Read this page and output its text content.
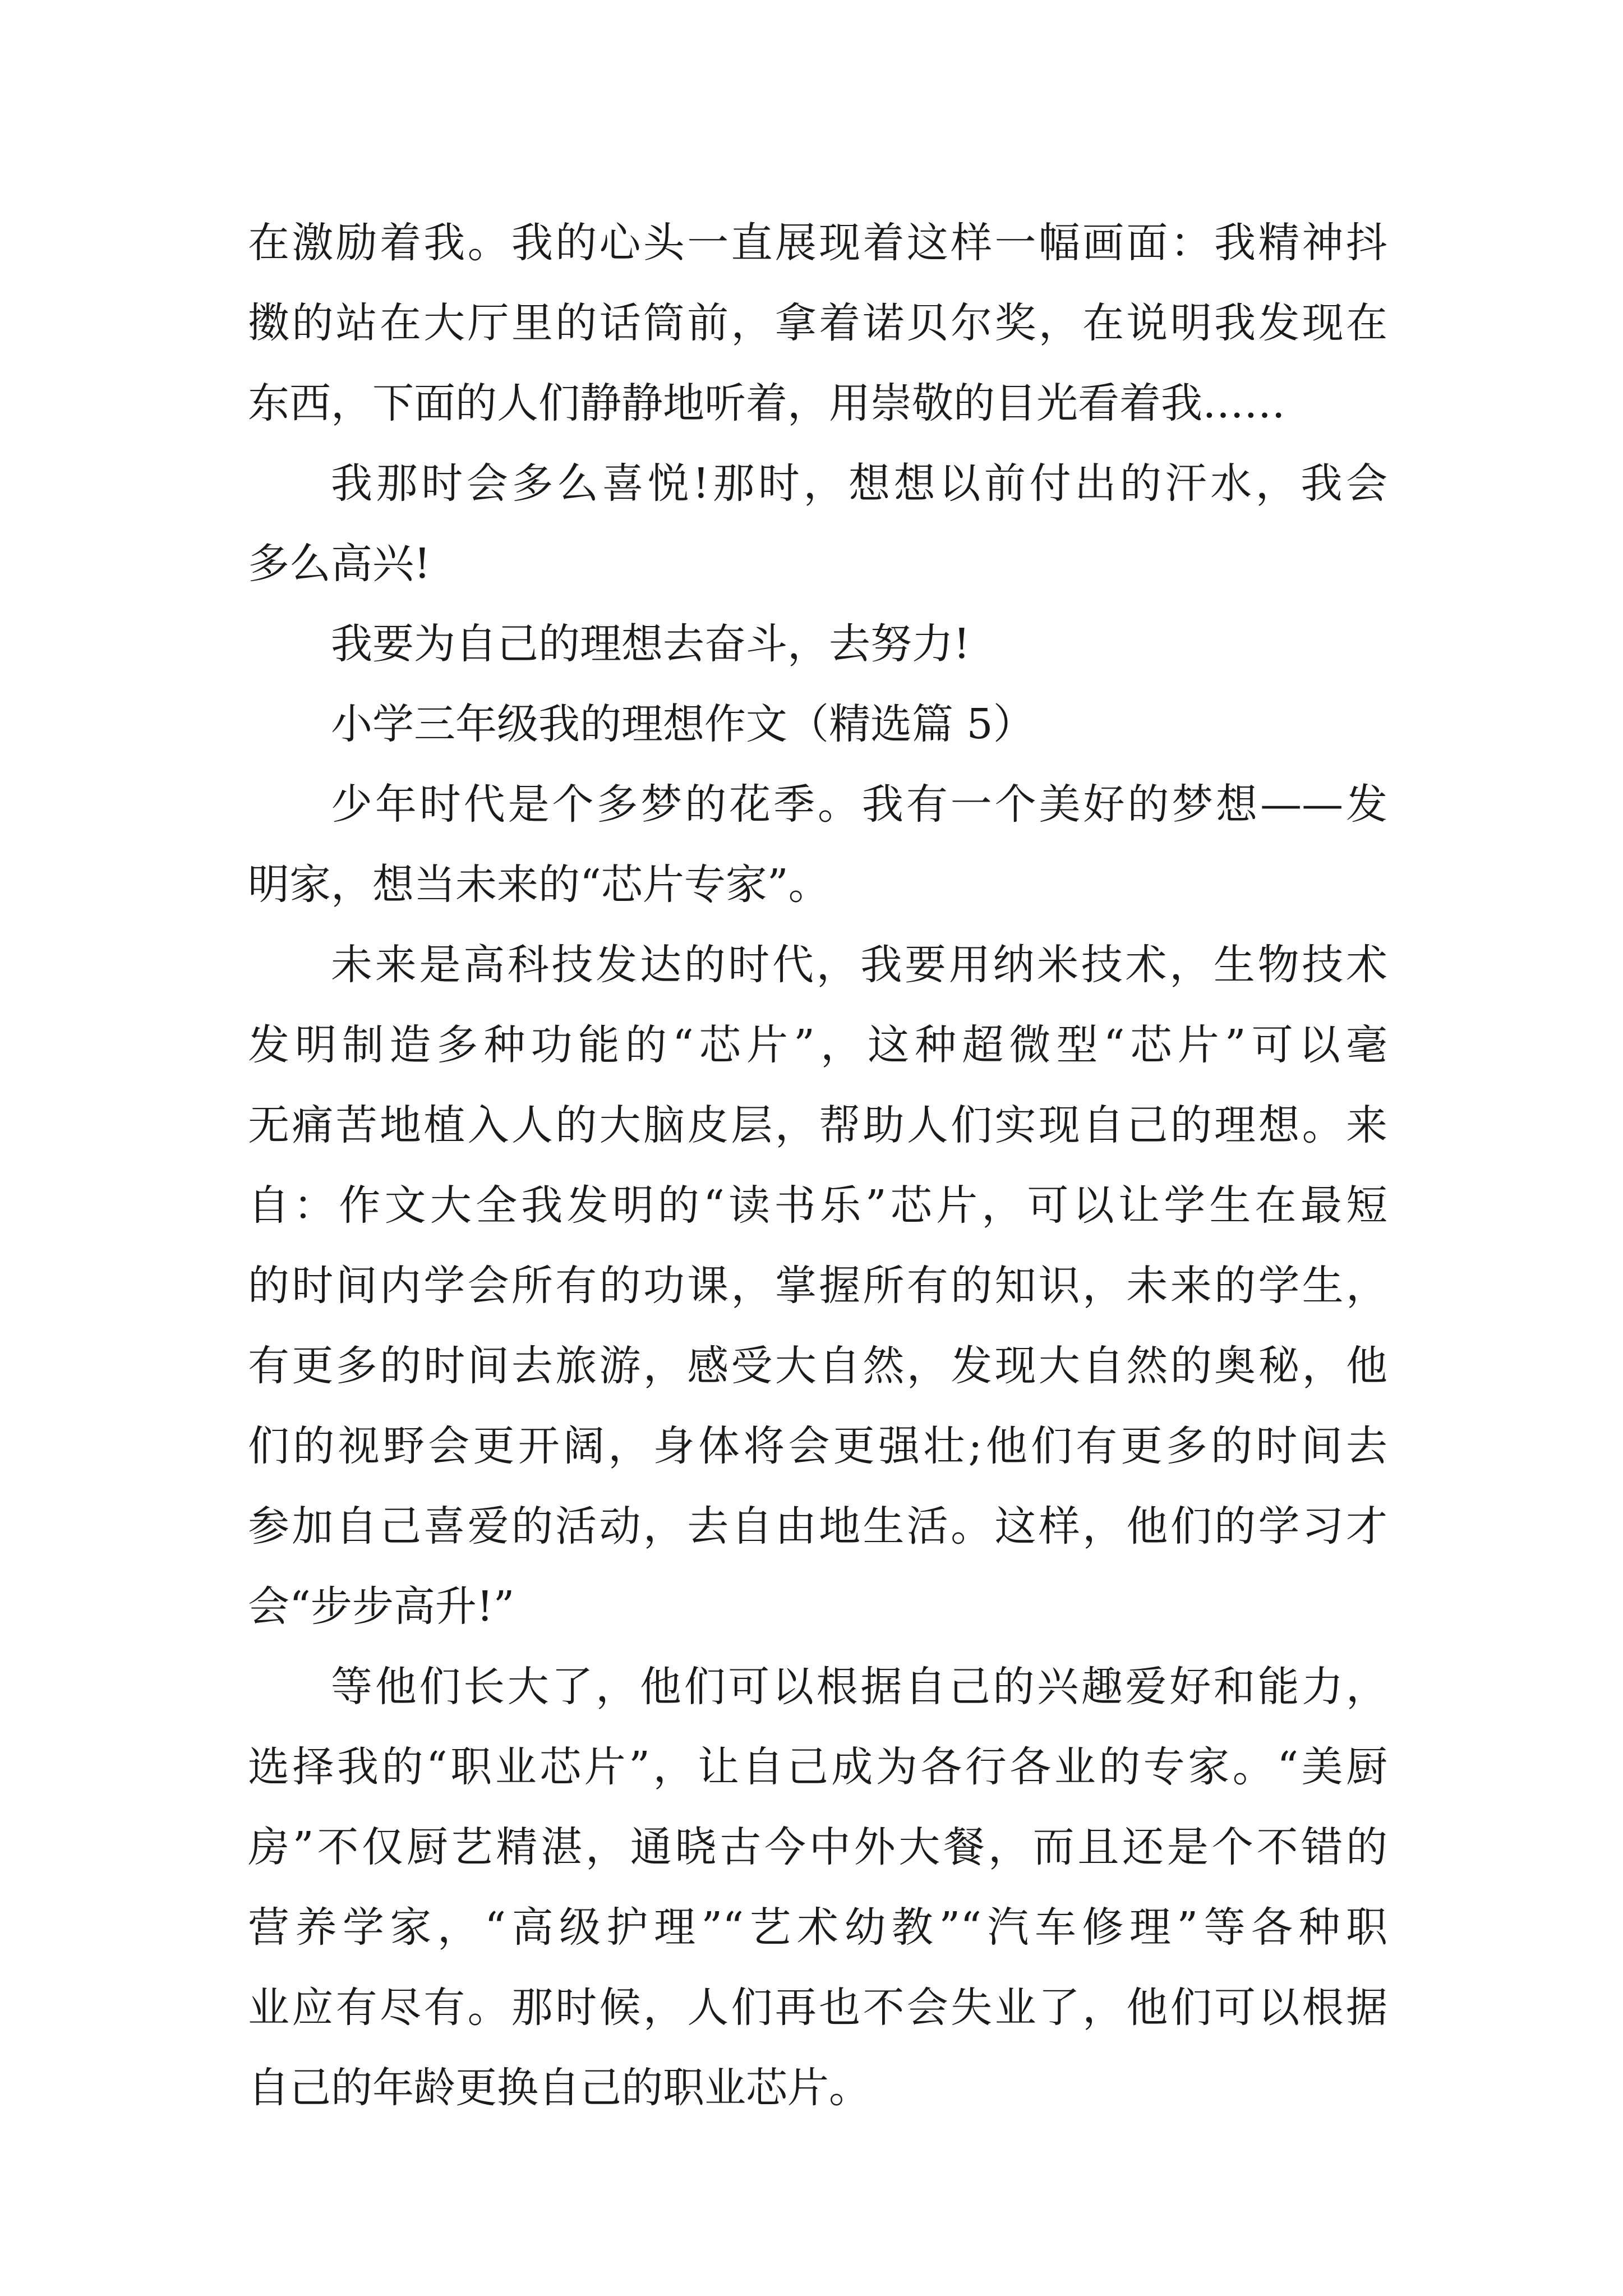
在激励着我。我的心头一直展现着这样一幅画面：我精神抖
擞的站在大厅里的话筒前，拿着诺贝尔奖，在说明我发现在
东西，下面的人们静静地听着，用崇敬的目光看着我……
我那时会多么喜悦!那时，想想以前付出的汗水，我会
多么高兴!
我要为自己的理想去奋斗，去努力!
小学三年级我的理想作文（精选篇 5）
少年时代是个多梦的花季。我有一个美好的梦想——发
明家，想当未来的“芯片专家”。
未来是高科技发达的时代，我要用纳米技术，生物技术
发明制造多种功能的“芯片”，这种超微型“芯片”可以毫
无痛苦地植入人的大脑皮层，帮助人们实现自己的理想。来
自：作文大全我发明的“读书乐”芯片，可以让学生在最短
的时间内学会所有的功课，掌握所有的知识，未来的学生，
有更多的时间去旅游，感受大自然，发现大自然的奥秘，他
们的视野会更开阔，身体将会更强壮;他们有更多的时间去
参加自己喜爱的活动，去自由地生活。这样，他们的学习才
会“步步高升!”
等他们长大了，他们可以根据自己的兴趣爱好和能力，
选择我的“职业芯片”，让自己成为各行各业的专家。“美厨
房”不仅厨艺精湛，通晓古今中外大餐，而且还是个不错的
营养学家，“高级护理”“艺术幼教”“汽车修理”等各种职
业应有尽有。那时候，人们再也不会失业了，他们可以根据
自己的年龄更换自己的职业芯片。
